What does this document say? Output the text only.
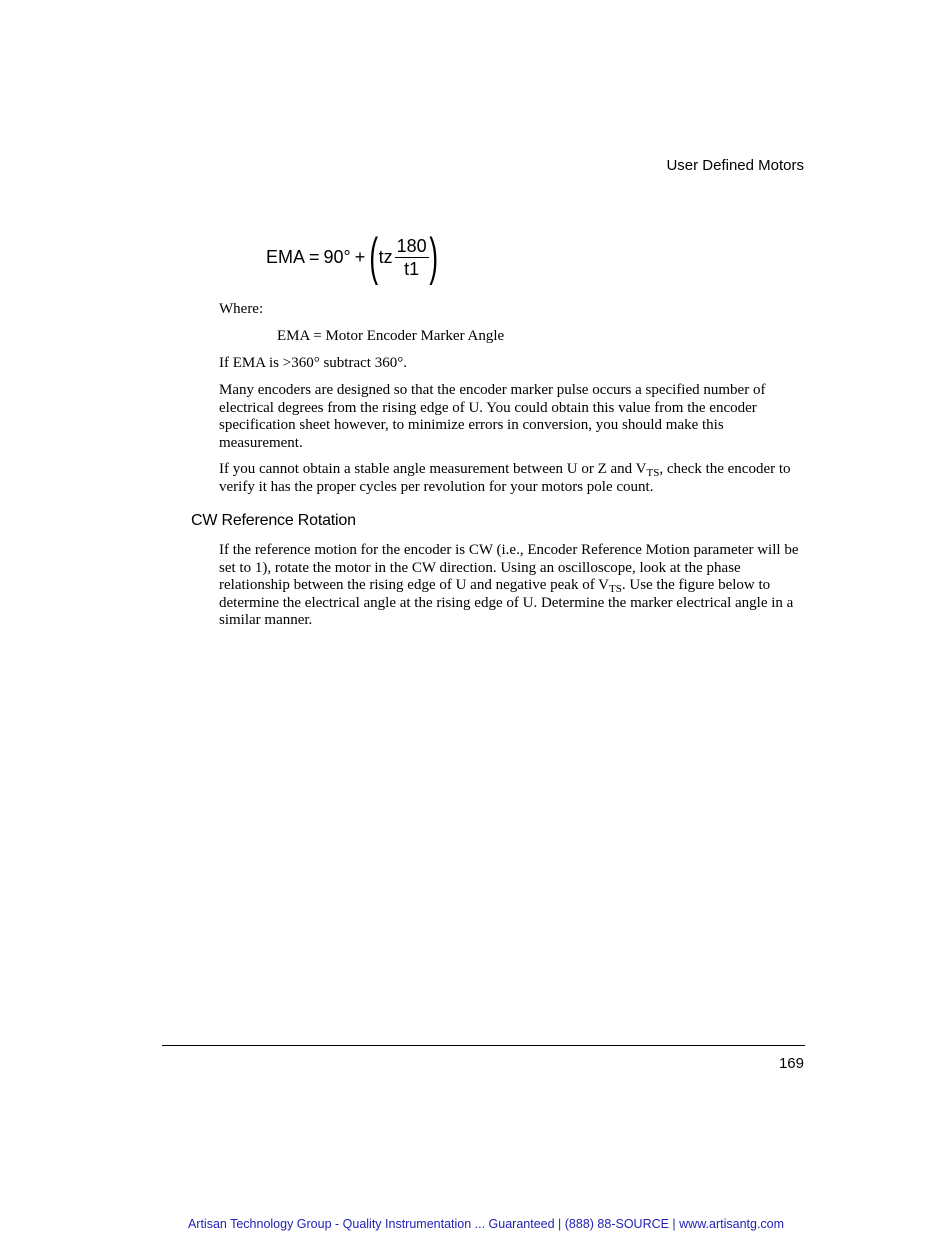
User Defined Motors
EMA = 90° + ( tz $\frac{180}{t1}$ )

Where:

EMA = Motor Encoder Marker Angle

If EMA is >360° subtract 360°.

Many encoders are designed so that the encoder marker pulse occurs a specified number of electrical degrees from the rising edge of U. You could obtain this value from the encoder specification sheet however, to minimize errors in conversion, you should make this measurement.

If you cannot obtain a stable angle measurement between U or Z and $V_{TS}$, check the encoder to verify it has the proper cycles per revolution for your motors pole count.

CW Reference Rotation

If the reference motion for the encoder is CW (i.e., Encoder Reference Motion parameter will be set to 1), rotate the motor in the CW direction. Using an oscilloscope, look at the phase relationship between the rising edge of U and negative peak of $V_{TS}$. Use the figure below to determine the electrical angle at the rising edge of U. Determine the marker electrical angle in a similar manner.

169
Artisan Technology Group - Quality Instrumentation ... Guaranteed | (888) 88-SOURCE | www.artisantg.com
